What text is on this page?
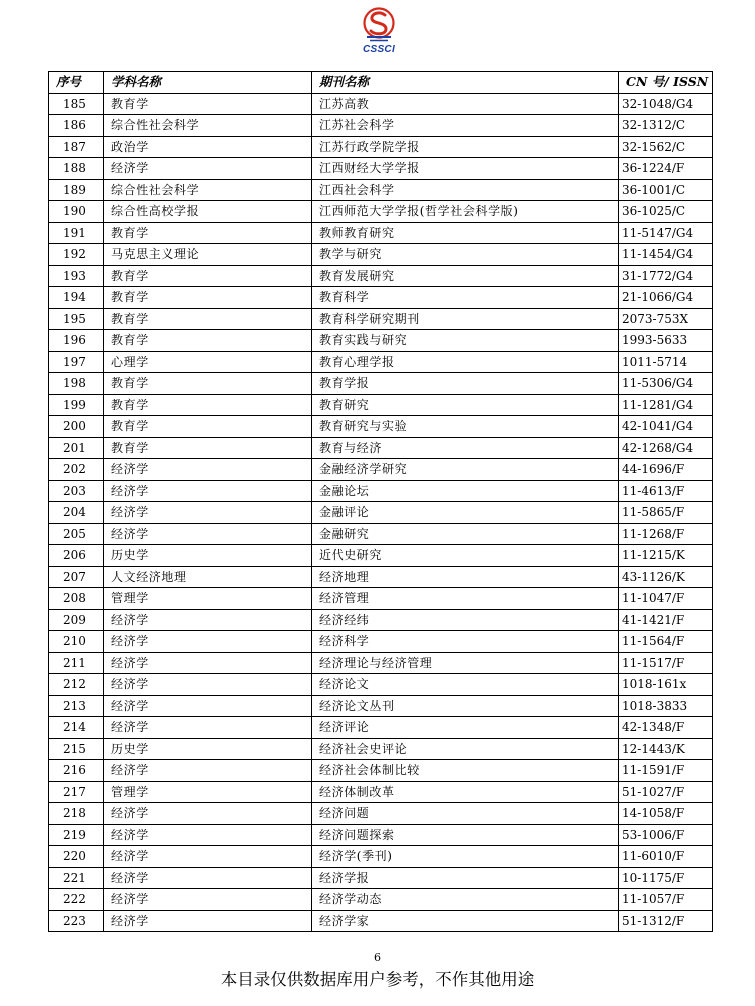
CSSCI
序号	学科名称	期刊名称	CN 号/ ISSN
185	教育学	江苏高教	32-1048/G4
186	综合性社会科学	江苏社会科学	32-1312/C
187	政治学	江苏行政学院学报	32-1562/C
188	经济学	江西财经大学学报	36-1224/F
189	综合性社会科学	江西社会科学	36-1001/C
190	综合性高校学报	江西师范大学学报(哲学社会科学版)	36-1025/C
191	教育学	教师教育研究	11-5147/G4
192	马克思主义理论	教学与研究	11-1454/G4
193	教育学	教育发展研究	31-1772/G4
194	教育学	教育科学	21-1066/G4
195	教育学	教育科学研究期刊	2073-753X
196	教育学	教育实践与研究	1993-5633
197	心理学	教育心理学报	1011-5714
198	教育学	教育学报	11-5306/G4
199	教育学	教育研究	11-1281/G4
200	教育学	教育研究与实验	42-1041/G4
201	教育学	教育与经济	42-1268/G4
202	经济学	金融经济学研究	44-1696/F
203	经济学	金融论坛	11-4613/F
204	经济学	金融评论	11-5865/F
205	经济学	金融研究	11-1268/F
206	历史学	近代史研究	11-1215/K
207	人文经济地理	经济地理	43-1126/K
208	管理学	经济管理	11-1047/F
209	经济学	经济经纬	41-1421/F
210	经济学	经济科学	11-1564/F
211	经济学	经济理论与经济管理	11-1517/F
212	经济学	经济论文	1018-161x
213	经济学	经济论文丛刊	1018-3833
214	经济学	经济评论	42-1348/F
215	历史学	经济社会史评论	12-1443/K
216	经济学	经济社会体制比较	11-1591/F
217	管理学	经济体制改革	51-1027/F
218	经济学	经济问题	14-1058/F
219	经济学	经济问题探索	53-1006/F
220	经济学	经济学(季刊)	11-6010/F
221	经济学	经济学报	10-1175/F
222	经济学	经济学动态	11-1057/F
223	经济学	经济学家	51-1312/F
6
本目录仅供数据库用户参考，不作其他用途
